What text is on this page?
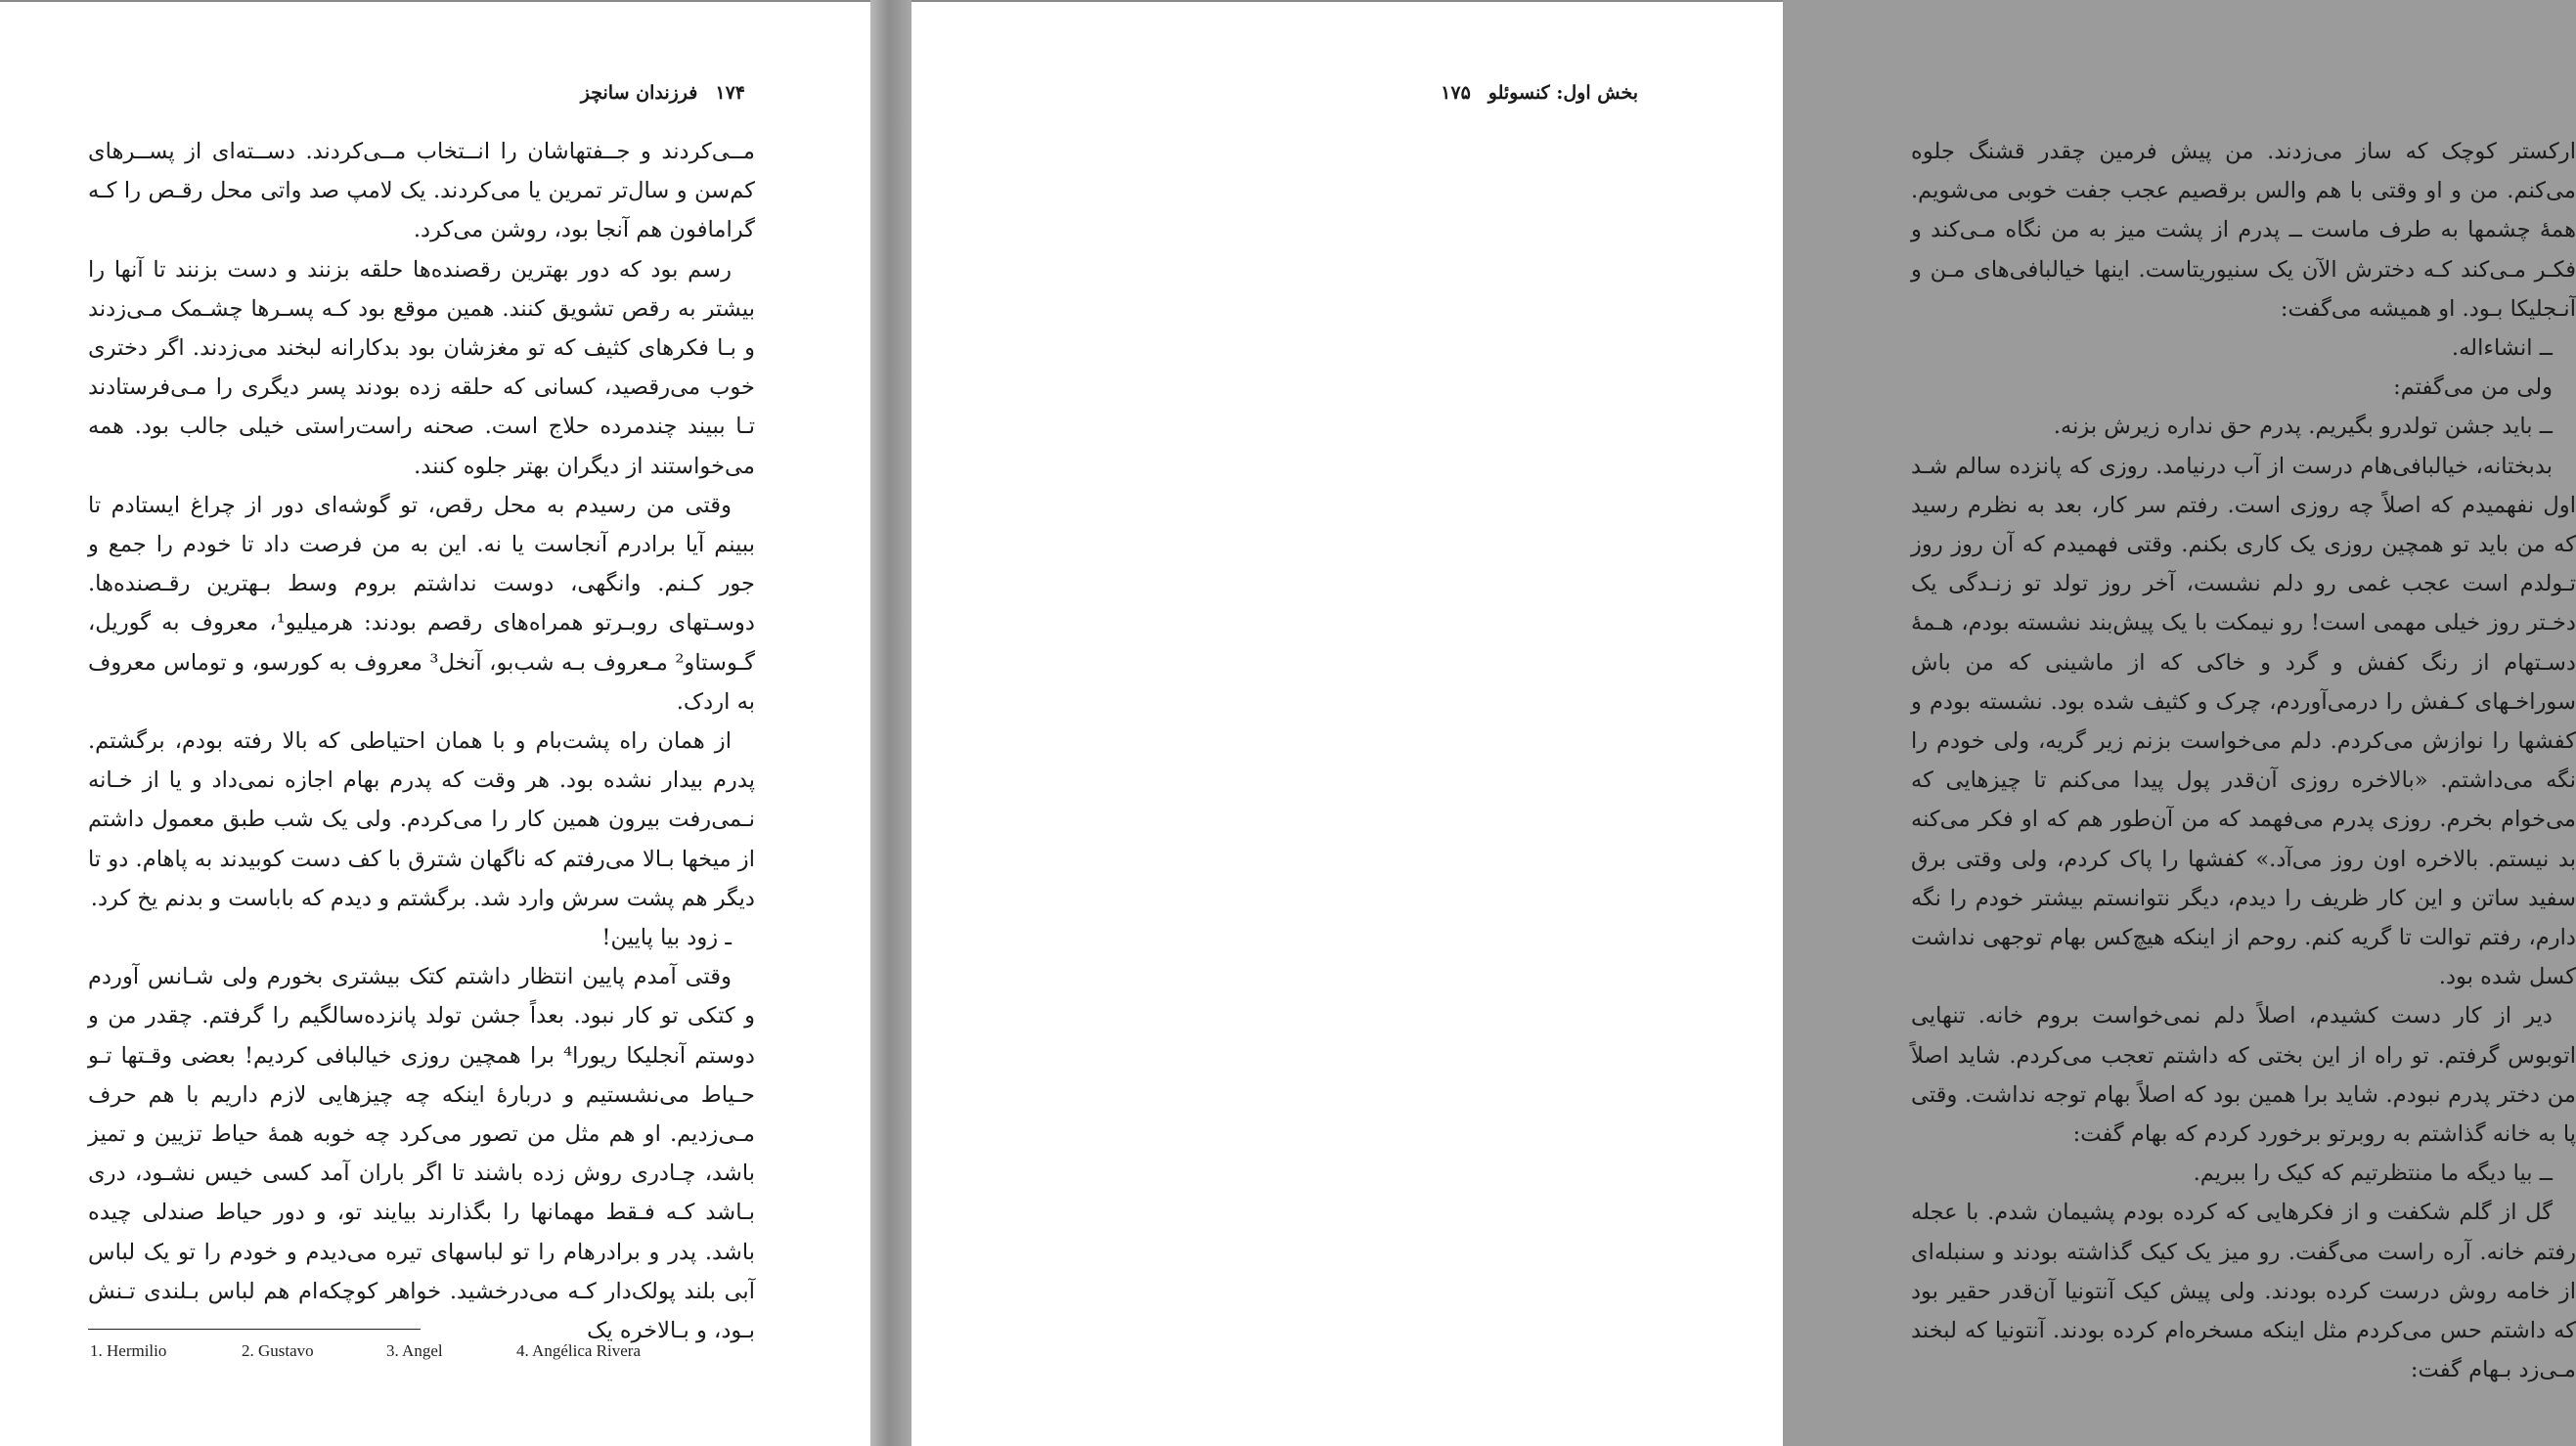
۱۷۴فرزندان سانچز

مــی‌کردند و جــفتهاشان را انــتخاب مــی‌کردند. دســته‌ای از پســرهای کم‌سن و سال‌تر تمرین یا می‌کردند. یک لامپ صد واتی محل رقـص را کـه گرامافون هم آنجا بود، روشن می‌کرد.

رسم بود که دور بهترین رقصنده‌ها حلقه بزنند و دست بزنند تا آنها را بیشتر به رقص تشویق کنند. همین موقع بود کـه پسـرها چشـمک مـی‌زدند و بـا فکرهای کثیف که تو مغزشان بود بدکارانه لبخند می‌زدند. اگر دختری خوب می‌رقصید، کسانی که حلقه زده بودند پسر دیگری را مـی‌فرستادند تـا ببیند چندمرده حلاج است. صحنه راست‌راستی خیلی جالب بود. همه می‌خواستند از دیگران بهتر جلوه کنند.

وقتی من رسیدم به محل رقص، تو گوشه‌ای دور از چراغ ایستادم تا ببینم آیا برادرم آنجاست یا نه. این به من فرصت داد تا خودم را جمع و جور کـنم. وانگهی، دوست نداشتم بروم وسط بـهترین رقـصنده‌ها. دوسـتهای روبـرتو همراه‌های رقصم بودند: هرمیلیو¹، معروف به گوریل، گـوستاو² مـعروف بـه شب‌بو، آنخل³ معروف به کورسو، و توماس معروف به اردک.

از همان راه پشت‌بام و با همان احتیاطی که بالا رفته بودم، برگشتم. پدرم بیدار نشده بود. هر وقت که پدرم بهام اجازه نمی‌داد و یا از خـانه نـمی‌رفت بیرون همین کار را می‌کردم. ولی یک شب طبق معمول داشتم از میخها بـالا می‌رفتم که ناگهان شترق با کف دست کوبیدند به پاهام. دو تا دیگر هم پشت سرش وارد شد. برگشتم و دیدم که باباست و بدنم یخ کرد.

ـ زود بیا پایین!

وقتی آمدم پایین انتظار داشتم کتک بیشتری بخورم ولی شـانس آوردم و کتکی تو کار نبود. بعداً جشن تولد پانزده‌سالگیم را گرفتم. چقدر من و دوستم آنجلیکا ریورا⁴ برا همچین روزی خیالبافی کردیم! بعضی وقـتها تـو حـیاط می‌نشستیم و دربارهٔ اینکه چه چیزهایی لازم داریم با هم حرف مـی‌زدیم. او هم مثل من تصور می‌کرد چه خوبه همهٔ حیاط تزیین و تمیز باشد، چـادری روش زده باشند تا اگر باران آمد کسی خیس نشـود، دری بـاشد کـه فـقط مهمانها را بگذارند بیایند تو، و دور حیاط صندلی چیده باشد. پدر و برادرهام را تو لباسهای تیره می‌دیدم و خودم را تو یک لباس آبی بلند پولک‌دار کـه می‌درخشید. خواهر کوچکه‌ام هم لباس بـلندی تـنش بـود، و بـالاخره یک

1. Hermilio	2. Gustavo	3. Angel	4. Angélica Rivera
بخش اول: کنسوئلو۱۷۵

ارکستر کوچک که ساز می‌زدند. من پیش فرمین چقدر قشنگ جلوه می‌کنم. من و او وقتی با هم والس برقصیم عجب جفت خوبی می‌شویم. همهٔ چشمها به طرف ماست ــ پدرم از پشت میز به من نگاه مـی‌کند و فکـر مـی‌کند کـه دخترش الآن یک سنیوریتاست. اینها خیالبافی‌های مـن و آنـجلیکا بـود. او همیشه می‌گفت:

ــ انشاءاله.

ولی من می‌گفتم:

ــ باید جشن تولدرو بگیریم. پدرم حق نداره زیرش بزنه.

بدبختانه، خیالبافی‌هام درست از آب درنیامد. روزی که پانزده سالم شـد اول نفهمیدم که اصلاً چه روزی است. رفتم سر کار، بعد به نظرم رسید که من باید تو همچین روزی یک کاری بکنم. وقتی فهمیدم که آن روز روز تـولدم است عجب غمی رو دلم نشست، آخر روز تولد تو زنـدگی یک دخـتر روز خیلی مهمی است! رو نیمکت با یک پیش‌بند نشسته بودم، هـمهٔ دسـتهام از رنگ کفش و گرد و خاکی که از ماشینی که من باش سوراخـهای کـفش را درمی‌آوردم، چرک و کثیف شده بود. نشسته بودم و کفشها را نوازش می‌کردم. دلم می‌خواست بزنم زیر گریه، ولی خودم را نگه می‌داشتم. «بالاخره روزی آن‌قدر پول پیدا می‌کنم تا چیزهایی که می‌خوام بخرم. روزی پدرم می‌فهمد که من آن‌طور هم که او فکر می‌کنه بد نیستم. بالاخره اون روز می‌آد.» کفشها را پاک کردم، ولی وقتی برق سفید ساتن و این کار ظریف را دیدم، دیگر نتوانستم بیشتر خودم را نگه دارم، رفتم توالت تا گریه کنم. روحم از اینکه هیچ‌کس بهام توجهی نداشت کسل شده بود.

دیر از کار دست کشیدم، اصلاً دلم نمی‌خواست بروم خانه. تنهایی اتوبوس گرفتم. تو راه از این بختی که داشتم تعجب می‌کردم. شاید اصلاً من دختر پدرم نبودم. شاید برا همین بود که اصلاً بهام توجه نداشت. وقتی پا به خانه گذاشتم به روبرتو برخورد کردم که بهام گفت:

ــ بیا دیگه ما منتظرتیم که کیک را ببریم.

گل از گلم شکفت و از فکرهایی که کرده بودم پشیمان شدم. با عجله رفتم خانه. آره راست می‌گفت. رو میز یک کیک گذاشته بودند و سنبله‌ای از خامه روش درست کرده بودند. ولی پیش کیک آنتونیا آن‌قدر حقیر بود که داشتم حس می‌کردم مثل اینکه مسخره‌ام کرده بودند. آنتونیا که لبخند مـی‌زد بـهام گفت:
